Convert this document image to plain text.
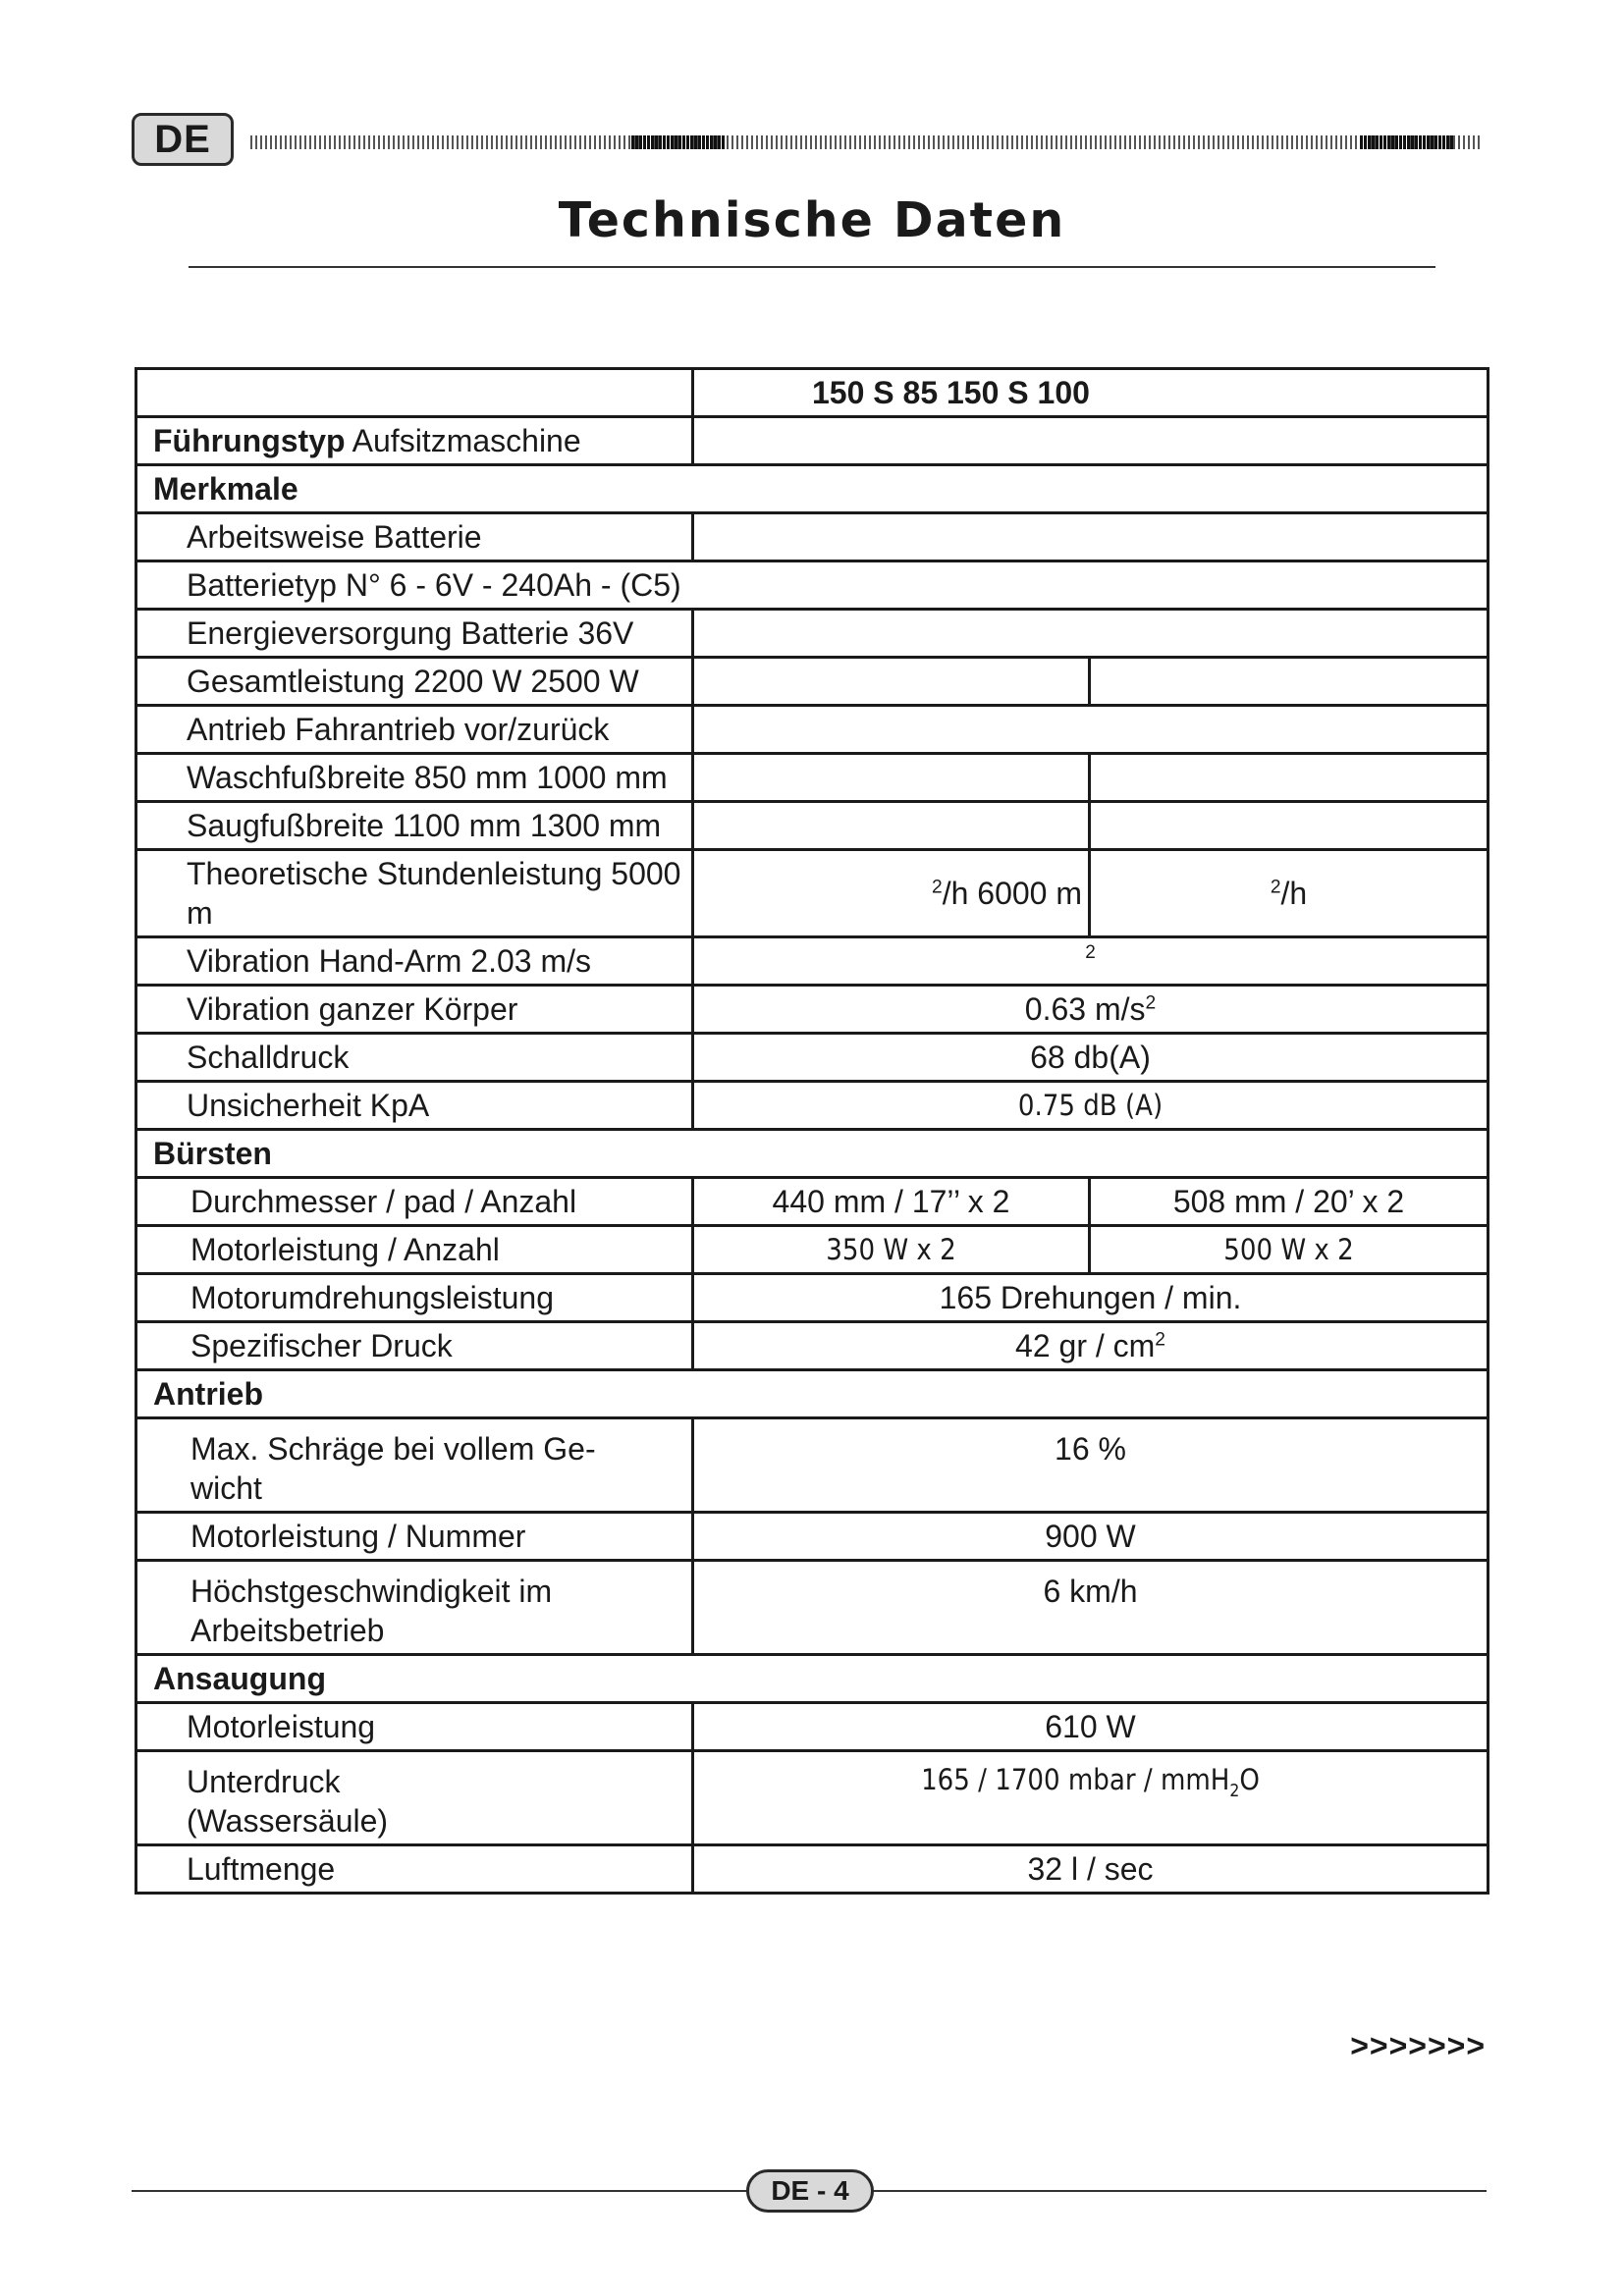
DE
Technische Daten
	150 S 85 150 S 100	
Führungstyp Aufsitzmaschine		
Merkmale		
Arbeitsweise Batterie		
Batterietyp N° 6 - 6V - 240Ah - (C5)		
Energieversorgung Batterie 36V		
Gesamtleistung 2200 W 2500 W		
Antrieb Fahrantrieb vor/zurück		
Waschfußbreite 850 mm 1000 mm		
Saugfußbreite 1100 mm 1300 mm		
Theoretische Stundenleistung 5000 m	$^2$/h 6000 m	$^2$/h
Vibration Hand-Arm 2.03 m/s	2	
Vibration ganzer Körper	0.63 $m/s^2$
Schalldruck	68 db(A)	
Unsicherheit KpA	0.75 dB (A)	
Bürsten		
Durchmesser / pad / Anzahl	440 mm / 17’’ x 2	508 mm / 20’ x 2
Motorleistung / Anzahl	350 W x 2	500 W x 2
Motorumdrehungsleistung	165 Drehungen / min.	
Spezifischer Druck	42 gr / $cm^2$
Antrieb		
Max. Schräge bei vollem Ge-
wicht	16 %	
Motorleistung / Nummer	900 W	
Höchstgeschwindigkeit im
Arbeitsbetrieb	6 km/h	
Ansaugung		
Motorleistung	610 W	
Unterdruck
(Wassersäule)	165 / 1700 mbar / mmH$_2$O	
Luftmenge	32 l / sec	
>>>>>>>
DE - 4
